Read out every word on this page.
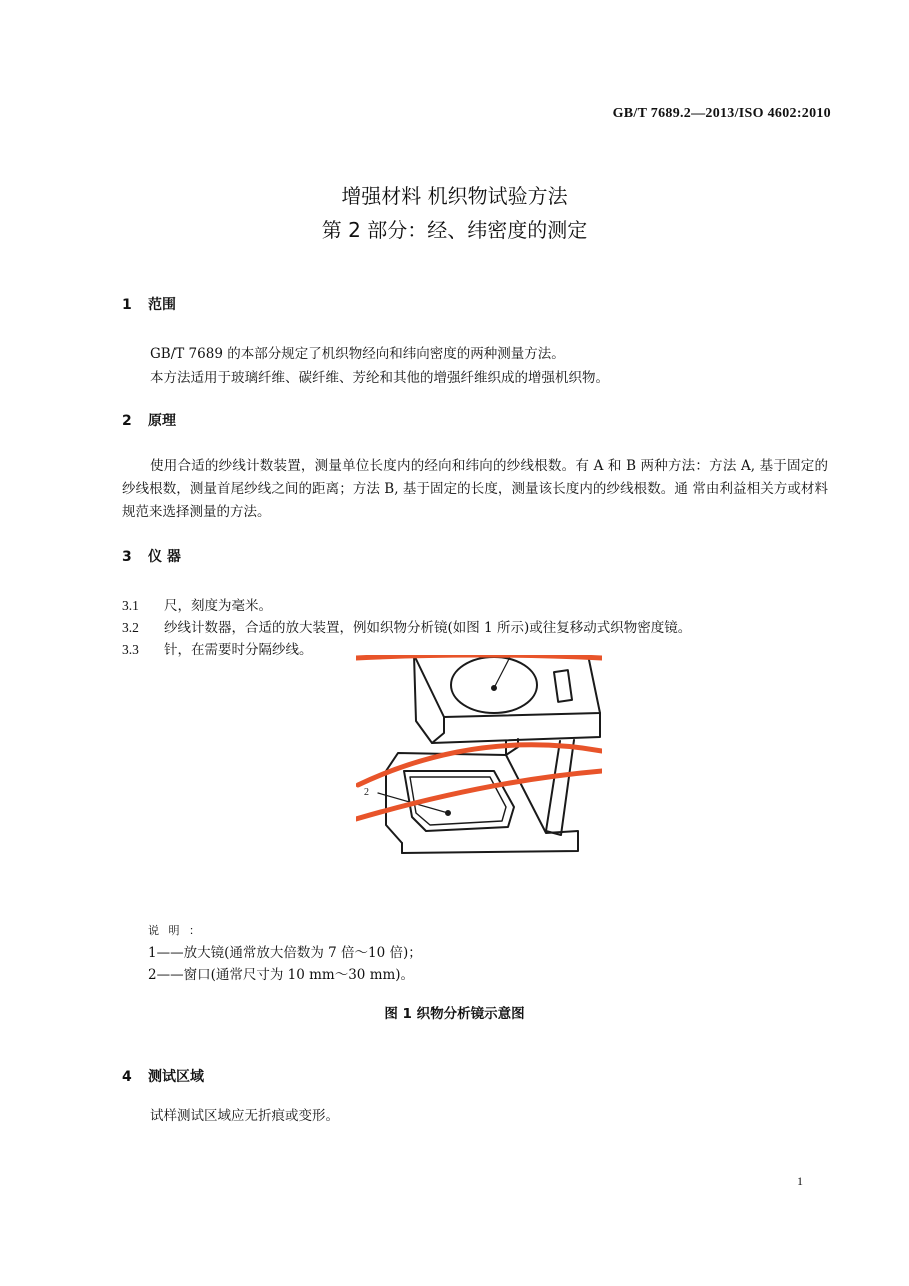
GB/T 7689.2—2013/ISO 4602:2010
增强材料 机织物试验方法
第 2 部分：经、纬密度的测定
1 范围
GB/T 7689 的本部分规定了机织物经向和纬向密度的两种测量方法。
本方法适用于玻璃纤维、碳纤维、芳纶和其他的增强纤维织成的增强机织物。
2 原理
使用合适的纱线计数装置，测量单位长度内的经向和纬向的纱线根数。有 A 和 B 两种方法：方法 A, 基于固定的纱线根数，测量首尾纱线之间的距离；方法 B, 基于固定的长度，测量该长度内的纱线根数。通 常由利益相关方或材料规范来选择测量的方法。
3 仪 器
3.1 尺，刻度为毫米。
3.2 纱线计数器，合适的放大装置，例如织物分析镜(如图 1 所示)或往复移动式织物密度镜。
3.3 针，在需要时分隔纱线。
2
说 明 ：
1——放大镜(通常放大倍数为 7 倍～10 倍)；
2——窗口(通常尺寸为 10 mm～30 mm)。
图 1 织物分析镜示意图
4 测试区域
试样测试区域应无折痕或变形。
1
